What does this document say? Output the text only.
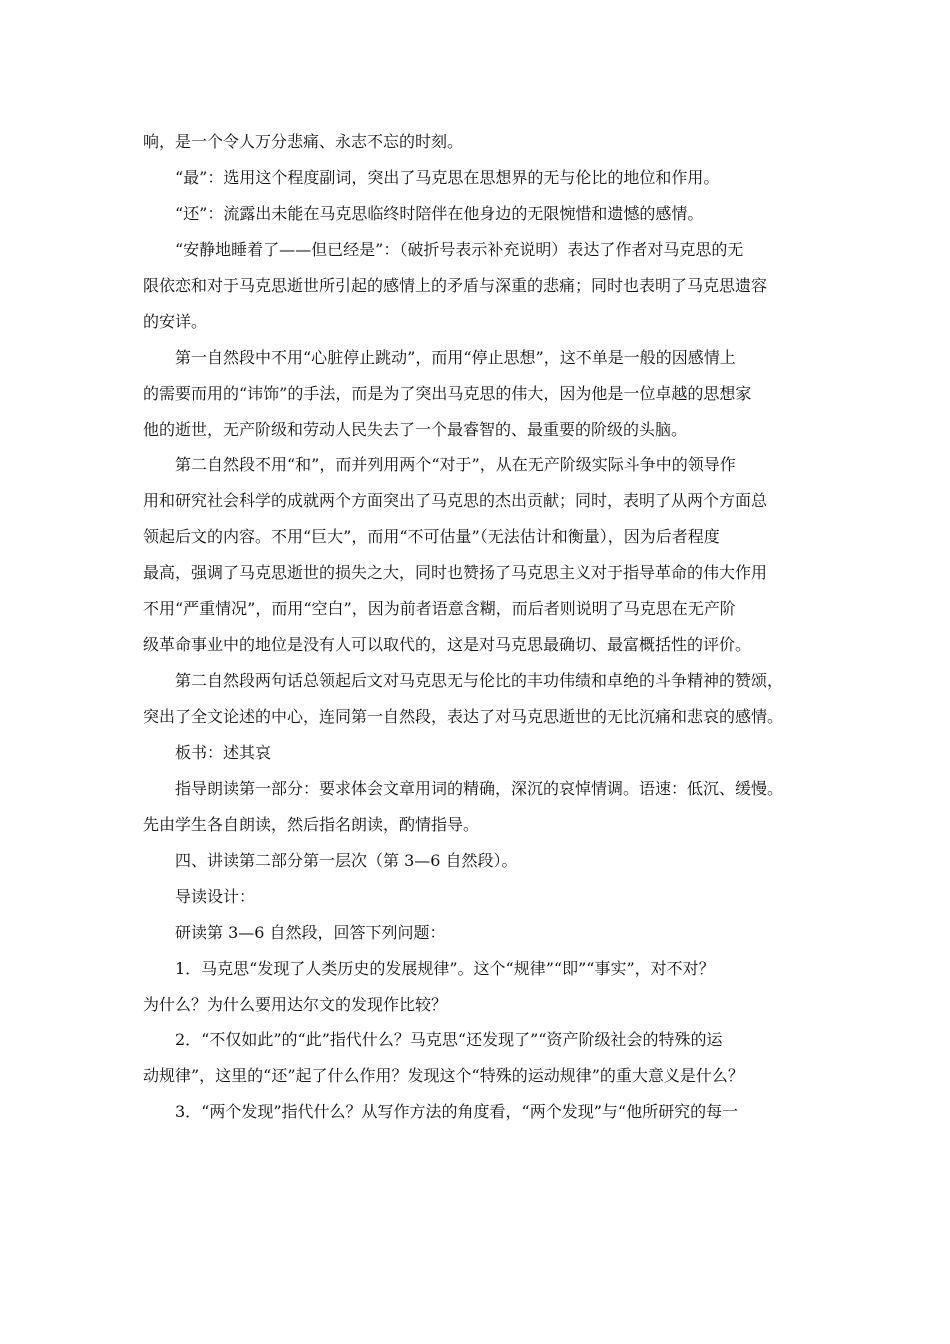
响，是一个令人万分悲痛、永志不忘的时刻。
“最”：选用这个程度副词，突出了马克思在思想界的无与伦比的地位和作用。
“还”：流露出未能在马克思临终时陪伴在他身边的无限惋惜和遗憾的感情。
“安静地睡着了——但已经是”：（破折号表示补充说明）表达了作者对马克思的无
限依恋和对于马克思逝世所引起的感情上的矛盾与深重的悲痛；同时也表明了马克思遗容
的安详。
第一自然段中不用“心脏停止跳动”，而用“停止思想”，这不单是一般的因感情上
的需要而用的“讳饰”的手法，而是为了突出马克思的伟大，因为他是一位卓越的思想家
他的逝世，无产阶级和劳动人民失去了一个最睿智的、最重要的阶级的头脑。
第二自然段不用“和”，而并列用两个“对于”，从在无产阶级实际斗争中的领导作
用和研究社会科学的成就两个方面突出了马克思的杰出贡献；同时，表明了从两个方面总
领起后文的内容。不用“巨大”，而用“不可估量”（无法估计和衡量），因为后者程度
最高，强调了马克思逝世的损失之大，同时也赞扬了马克思主义对于指导革命的伟大作用
不用“严重情况”，而用“空白”，因为前者语意含糊，而后者则说明了马克思在无产阶
级革命事业中的地位是没有人可以取代的，这是对马克思最确切、最富概括性的评价。
第二自然段两句话总领起后文对马克思无与伦比的丰功伟绩和卓绝的斗争精神的赞颂，
突出了全文论述的中心，连同第一自然段，表达了对马克思逝世的无比沉痛和悲哀的感情。
板书：述其哀
指导朗读第一部分：要求体会文章用词的精确，深沉的哀悼情调。语速：低沉、缓慢。
先由学生各自朗读，然后指名朗读，酌情指导。
四、讲读第二部分第一层次（第 3—6 自然段）。
导读设计：
研读第 3—6 自然段，回答下列问题：
1．马克思“发现了人类历史的发展规律”。这个“规律”“即”“事实”，对不对？
为什么？为什么要用达尔文的发现作比较？
2．“不仅如此”的“此”指代什么？马克思“还发现了”“资产阶级社会的特殊的运
动规律”，这里的“还”起了什么作用？发现这个“特殊的运动规律”的重大意义是什么？
3．“两个发现”指代什么？从写作方法的角度看，“两个发现”与“他所研究的每一
